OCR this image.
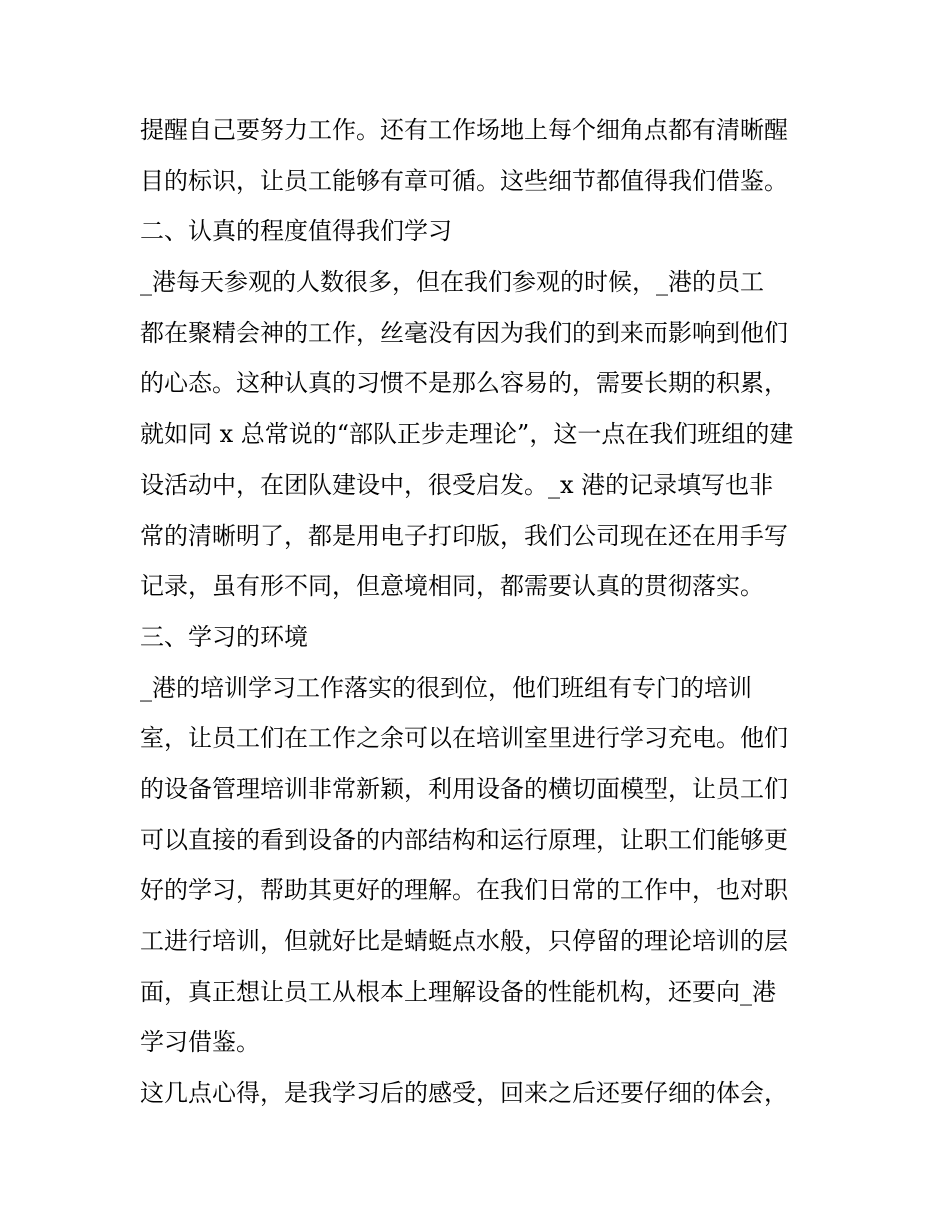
提醒自己要努力工作。还有工作场地上每个细角点都有清晰醒

目的标识，让员工能够有章可循。这些细节都值得我们借鉴。

二、认真的程度值得我们学习

_港每天参观的人数很多，但在我们参观的时候，_港的员工

都在聚精会神的工作，丝毫没有因为我们的到来而影响到他们

的心态。这种认真的习惯不是那么容易的，需要长期的积累，

就如同 x 总常说的“部队正步走理论”，这一点在我们班组的建

设活动中，在团队建设中，很受启发。_x 港的记录填写也非

常的清晰明了，都是用电子打印版，我们公司现在还在用手写

记录，虽有形不同，但意境相同，都需要认真的贯彻落实。

三、学习的环境

_港的培训学习工作落实的很到位，他们班组有专门的培训

室，让员工们在工作之余可以在培训室里进行学习充电。他们

的设备管理培训非常新颖，利用设备的横切面模型，让员工们

可以直接的看到设备的内部结构和运行原理，让职工们能够更

好的学习，帮助其更好的理解。在我们日常的工作中，也对职

工进行培训，但就好比是蜻蜓点水般，只停留的理论培训的层

面，真正想让员工从根本上理解设备的性能机构，还要向_港

学习借鉴。

这几点心得，是我学习后的感受，回来之后还要仔细的体会，
